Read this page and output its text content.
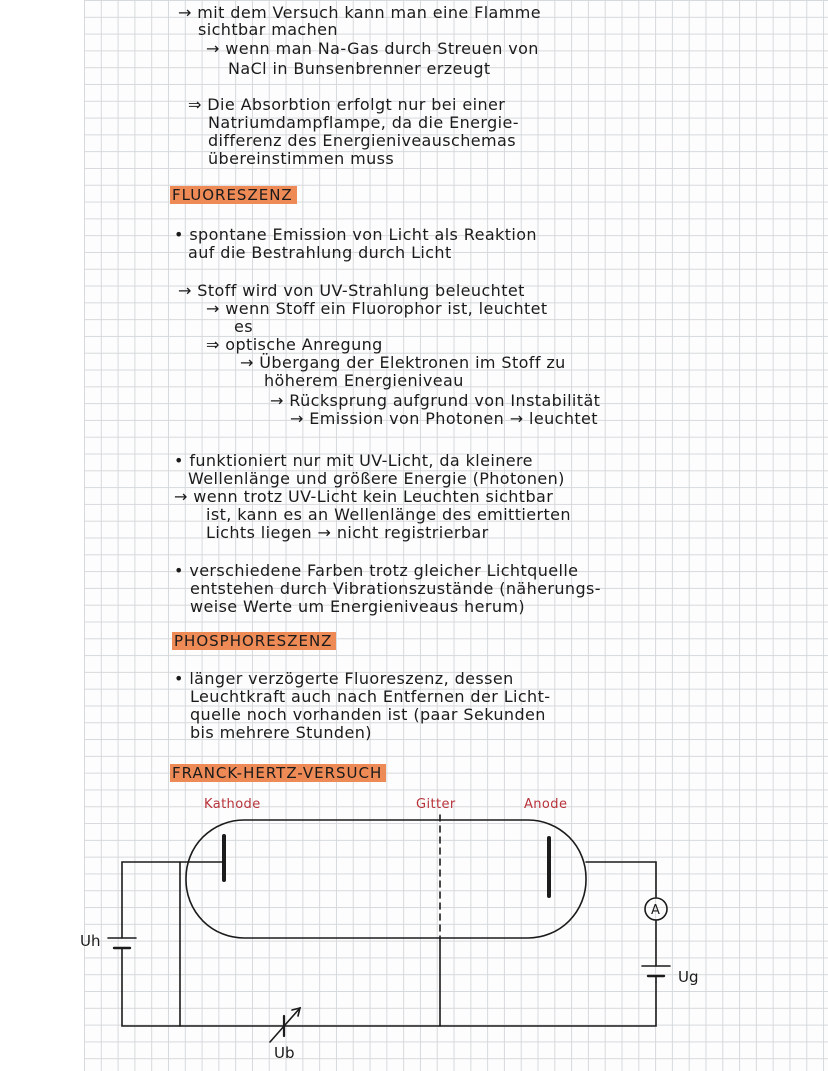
→ mit dem Versuch kann man eine Flamme
sichtbar machen
→ wenn man Na-Gas durch Streuen von
NaCl in Bunsenbrenner erzeugt
⇒ Die Absorbtion erfolgt nur bei einer
Natriumdampflampe, da die Energie-
differenz des Energieniveauschemas
übereinstimmen muss
FLUORESZENZ
• spontane Emission von Licht als Reaktion
auf die Bestrahlung durch Licht
→ Stoff wird von UV-Strahlung beleuchtet
→ wenn Stoff ein Fluorophor ist, leuchtet
es
⇒ optische Anregung
→ Übergang der Elektronen im Stoff zu
höherem Energieniveau
→ Rücksprung aufgrund von Instabilität
→ Emission von Photonen → leuchtet
• funktioniert nur mit UV-Licht, da kleinere
Wellenlänge und größere Energie (Photonen)
→ wenn trotz UV-Licht kein Leuchten sichtbar
ist, kann es an Wellenlänge des emittierten
Lichts liegen → nicht registrierbar
• verschiedene Farben trotz gleicher Lichtquelle
entstehen durch Vibrationszustände (näherungs-
weise Werte um Energieniveaus herum)
PHOSPHORESZENZ
• länger verzögerte Fluoreszenz, dessen
Leuchtkraft auch nach Entfernen der Licht-
quelle noch vorhanden ist (paar Sekunden
bis mehrere Stunden)
FRANCK-HERTZ-VERSUCH
Kathode	Gitter	Anode
A
Uh
Ug
Ub
